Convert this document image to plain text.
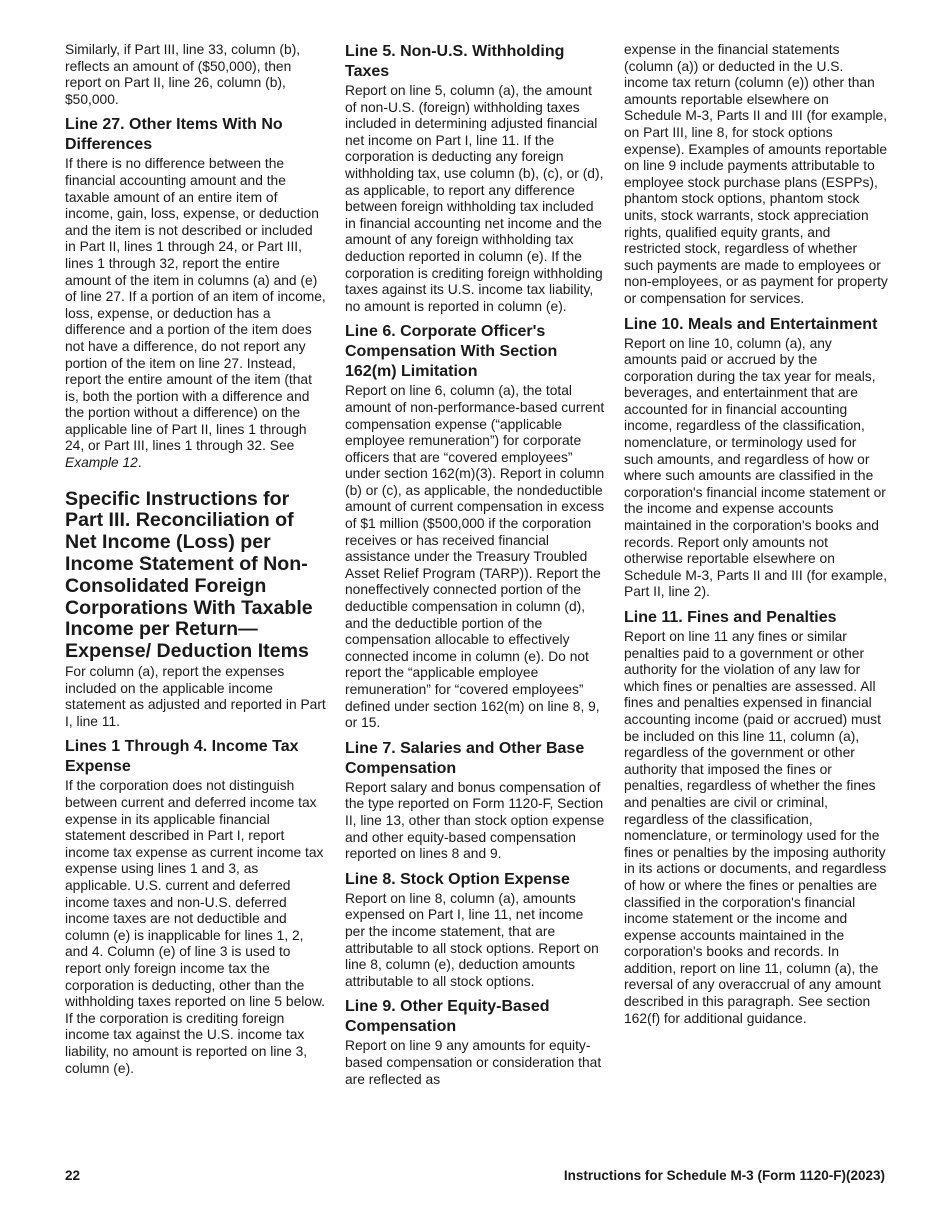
Similarly, if Part III, line 33, column (b), reflects an amount of ($50,000), then report on Part II, line 26, column (b), $50,000.

Line 27. Other Items With No Differences

If there is no difference between the financial accounting amount and the taxable amount of an entire item of income, gain, loss, expense, or deduction and the item is not described or included in Part II, lines 1 through 24, or Part III, lines 1 through 32, report the entire amount of the item in columns (a) and (e) of line 27. If a portion of an item of income, loss, expense, or deduction has a difference and a portion of the item does not have a difference, do not report any portion of the item on line 27. Instead, report the entire amount of the item (that is, both the portion with a difference and the portion without a difference) on the applicable line of Part II, lines 1 through 24, or Part III, lines 1 through 32. See Example 12.

Specific Instructions for Part III. Reconciliation of Net Income (Loss) per Income Statement of Non-Consolidated Foreign Corporations With Taxable Income per Return—Expense/ Deduction Items

For column (a), report the expenses included on the applicable income statement as adjusted and reported in Part I, line 11.

Lines 1 Through 4. Income Tax Expense

If the corporation does not distinguish between current and deferred income tax expense in its applicable financial statement described in Part I, report income tax expense as current income tax expense using lines 1 and 3, as applicable. U.S. current and deferred income taxes and non-U.S. deferred income taxes are not deductible and column (e) is inapplicable for lines 1, 2, and 4. Column (e) of line 3 is used to report only foreign income tax the corporation is deducting, other than the withholding taxes reported on line 5 below. If the corporation is crediting foreign income tax against the U.S. income tax liability, no amount is reported on line 3, column (e).

Line 5. Non-U.S. Withholding Taxes

Report on line 5, column (a), the amount of non-U.S. (foreign) withholding taxes included in determining adjusted financial net income on Part I, line 11. If the corporation is deducting any foreign withholding tax, use column (b), (c), or (d), as applicable, to report any difference between foreign withholding tax included in financial accounting net income and the amount of any foreign withholding tax deduction reported in column (e). If the corporation is crediting foreign withholding taxes against its U.S. income tax liability, no amount is reported in column (e).

Line 6. Corporate Officer's Compensation With Section 162(m) Limitation

Report on line 6, column (a), the total amount of non-performance-based current compensation expense (“applicable employee remuneration”) for corporate officers that are “covered employees” under section 162(m)(3). Report in column (b) or (c), as applicable, the nondeductible amount of current compensation in excess of $1 million ($500,000 if the corporation receives or has received financial assistance under the Treasury Troubled Asset Relief Program (TARP)). Report the noneffectively connected portion of the deductible compensation in column (d), and the deductible portion of the compensation allocable to effectively connected income in column (e). Do not report the “applicable employee remuneration” for “covered employees” defined under section 162(m) on line 8, 9, or 15.

Line 7. Salaries and Other Base Compensation

Report salary and bonus compensation of the type reported on Form 1120-F, Section II, line 13, other than stock option expense and other equity-based compensation reported on lines 8 and 9.

Line 8. Stock Option Expense

Report on line 8, column (a), amounts expensed on Part I, line 11, net income per the income statement, that are attributable to all stock options. Report on line 8, column (e), deduction amounts attributable to all stock options.

Line 9. Other Equity-Based Compensation

Report on line 9 any amounts for equity-based compensation or consideration that are reflected as

expense in the financial statements (column (a)) or deducted in the U.S. income tax return (column (e)) other than amounts reportable elsewhere on Schedule M-3, Parts II and III (for example, on Part III, line 8, for stock options expense). Examples of amounts reportable on line 9 include payments attributable to employee stock purchase plans (ESPPs), phantom stock options, phantom stock units, stock warrants, stock appreciation rights, qualified equity grants, and restricted stock, regardless of whether such payments are made to employees or non-employees, or as payment for property or compensation for services.

Line 10. Meals and Entertainment

Report on line 10, column (a), any amounts paid or accrued by the corporation during the tax year for meals, beverages, and entertainment that are accounted for in financial accounting income, regardless of the classification, nomenclature, or terminology used for such amounts, and regardless of how or where such amounts are classified in the corporation's financial income statement or the income and expense accounts maintained in the corporation's books and records. Report only amounts not otherwise reportable elsewhere on Schedule M-3, Parts II and III (for example, Part II, line 2).

Line 11. Fines and Penalties

Report on line 11 any fines or similar penalties paid to a government or other authority for the violation of any law for which fines or penalties are assessed. All fines and penalties expensed in financial accounting income (paid or accrued) must be included on this line 11, column (a), regardless of the government or other authority that imposed the fines or penalties, regardless of whether the fines and penalties are civil or criminal, regardless of the classification, nomenclature, or terminology used for the fines or penalties by the imposing authority in its actions or documents, and regardless of how or where the fines or penalties are classified in the corporation's financial income statement or the income and expense accounts maintained in the corporation's books and records. In addition, report on line 11, column (a), the reversal of any overaccrual of any amount described in this paragraph. See section 162(f) for additional guidance.

22	Instructions for Schedule M-3 (Form 1120-F)(2023)
